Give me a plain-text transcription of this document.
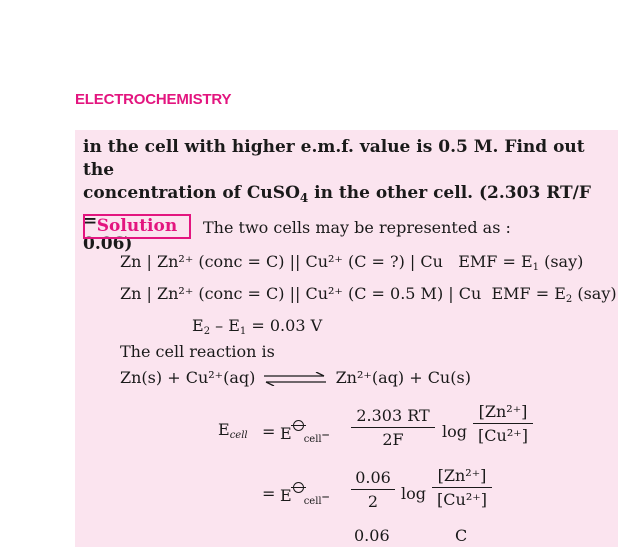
ELECTROCHEMISTRY
in the cell with higher e.m.f. value is 0.5 M. Find out the
concentration of CuSO$_4$ in the other cell. (2.303 RT/F =
0.06)
Solution	The two cells may be represented as :
Zn | Zn²⁺ (conc = C) || Cu²⁺ (C = ?) | Cu EMF = $E_1$ (say)
Zn | Zn²⁺ (conc = C) || Cu²⁺ (C = 0.5 M) | Cu EMF = $E_2$ (say)
$E_2 - E_1 = 0.03$ V
The cell reaction is
Zn(s) + Cu²⁺(aq)	Zn²⁺(aq) + Cu(s)
$E_{cell} = E$ $_{cell}- \frac{2.303 RT}{2F}$ $\log \frac{\text{[Zn²⁺]}}{\text{[Cu²⁺]}}$
= E $_{cell}- \frac{0.06}{2}$ $\log \frac{\text{[Zn²⁺]}}{\text{[Cu²⁺]}}$
0.06	C
